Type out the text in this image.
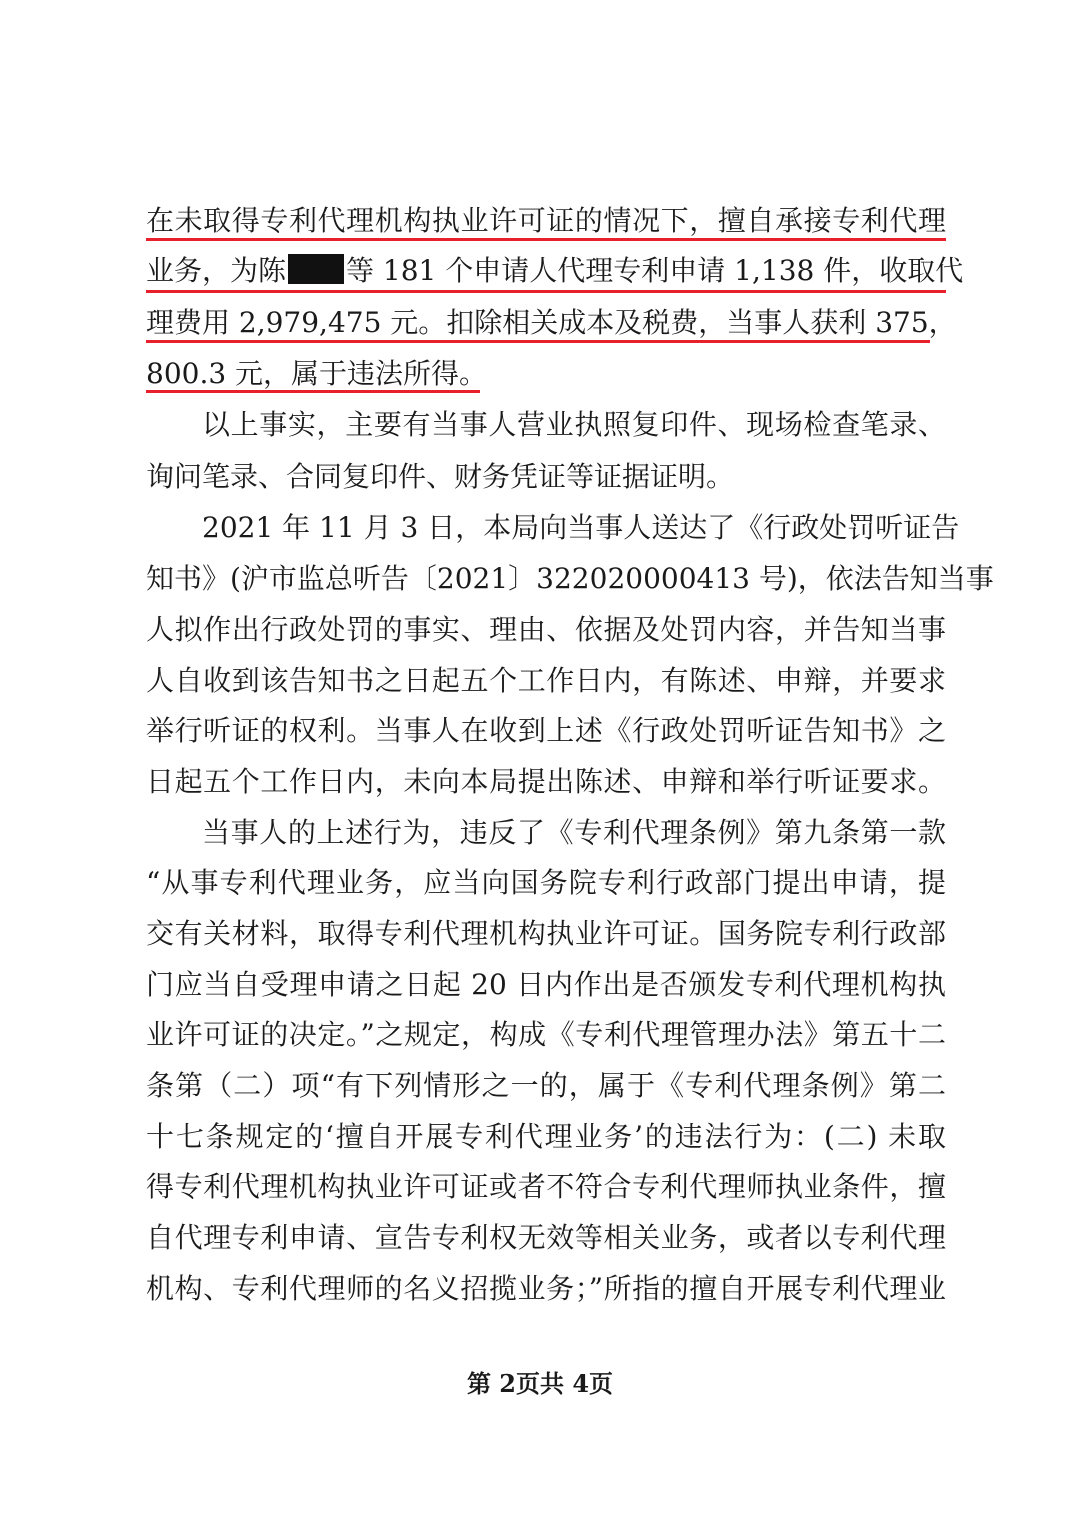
在未取得专利代理机构执业许可证的情况下，擅自承接专利代理
业务，为陈 等 181 个申请人代理专利申请 1,138 件，收取代
理费用 2,979,475 元。扣除相关成本及税费，当事人获利 375，
800.3 元，属于违法所得。
以上事实，主要有当事人营业执照复印件、现场检查笔录、
询问笔录、合同复印件、财务凭证等证据证明。
2021 年 11 月 3 日，本局向当事人送达了《行政处罚听证告
知书》(沪市监总听告〔2021〕322020000413 号)，依法告知当事
人拟作出行政处罚的事实、理由、依据及处罚内容，并告知当事
人自收到该告知书之日起五个工作日内，有陈述、申辩，并要求
举行听证的权利。当事人在收到上述《行政处罚听证告知书》之
日起五个工作日内，未向本局提出陈述、申辩和举行听证要求。
当事人的上述行为，违反了《专利代理条例》第九条第一款
“从事专利代理业务，应当向国务院专利行政部门提出申请，提
交有关材料，取得专利代理机构执业许可证。国务院专利行政部
门应当自受理申请之日起 20 日内作出是否颁发专利代理机构执
业许可证的决定。”之规定，构成《专利代理管理办法》第五十二
条第（二）项“有下列情形之一的，属于《专利代理条例》第二
十七条规定的‘擅自开展专利代理业务’的违法行为：(二) 未取
得专利代理机构执业许可证或者不符合专利代理师执业条件，擅
自代理专利申请、宣告专利权无效等相关业务，或者以专利代理
机构、专利代理师的名义招揽业务；”所指的擅自开展专利代理业
第 2页共 4页
